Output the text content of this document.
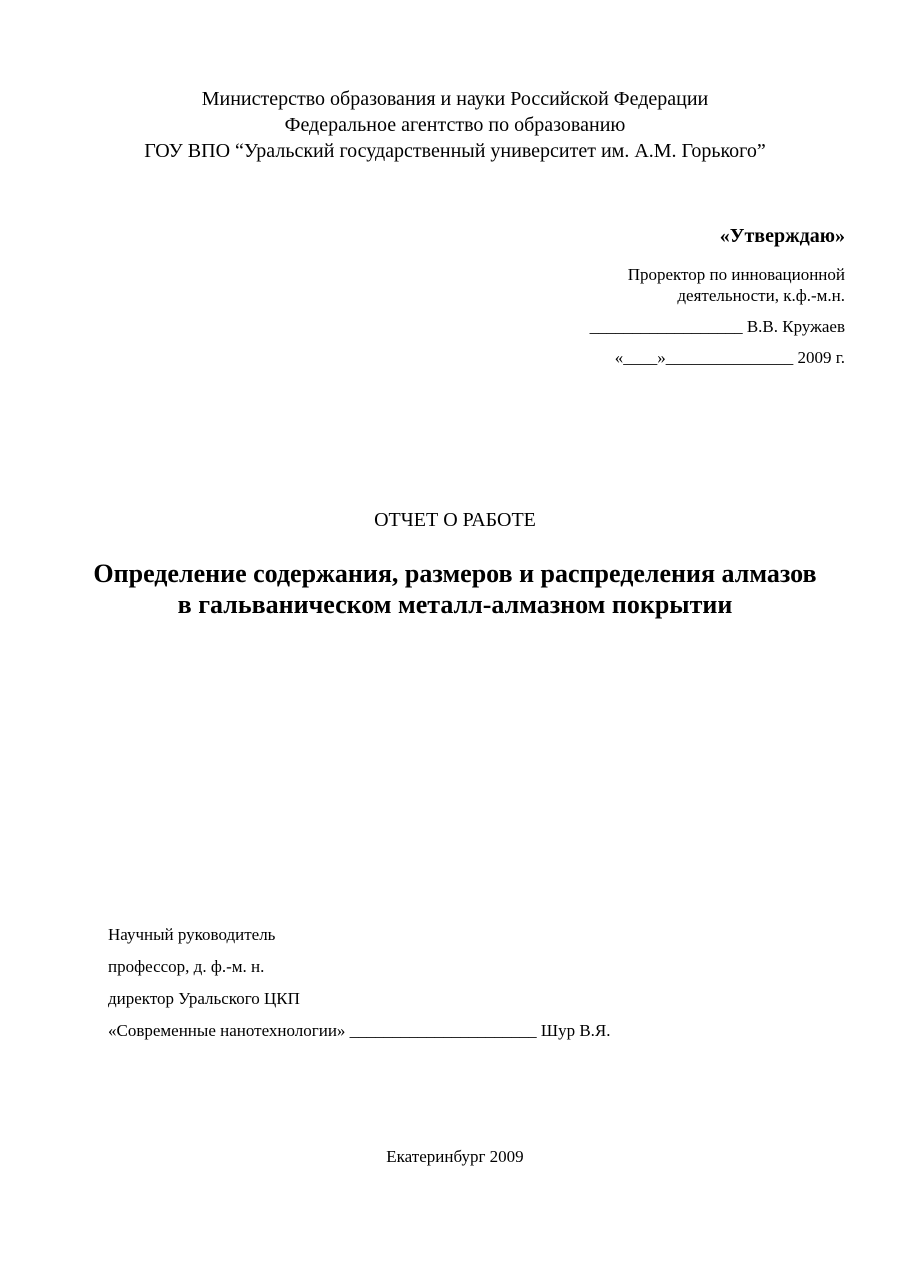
Министерство образования и науки Российской Федерации
Федеральное агентство по образованию
ГОУ ВПО “Уральский государственный университет им. А.М. Горького”
«Утверждаю»
Проректор по инновационной
деятельности, к.ф.-м.н.
__________________ В.В. Кружаев
«____»_______________ 2009 г.
ОТЧЕТ О РАБОТЕ
Определение содержания, размеров и распределения алмазов
в гальваническом металл-алмазном покрытии
Научный руководитель
профессор, д. ф.-м. н.
директор Уральского ЦКП
«Современные нанотехнологии» ______________________ Шур В.Я.
Екатеринбург 2009
